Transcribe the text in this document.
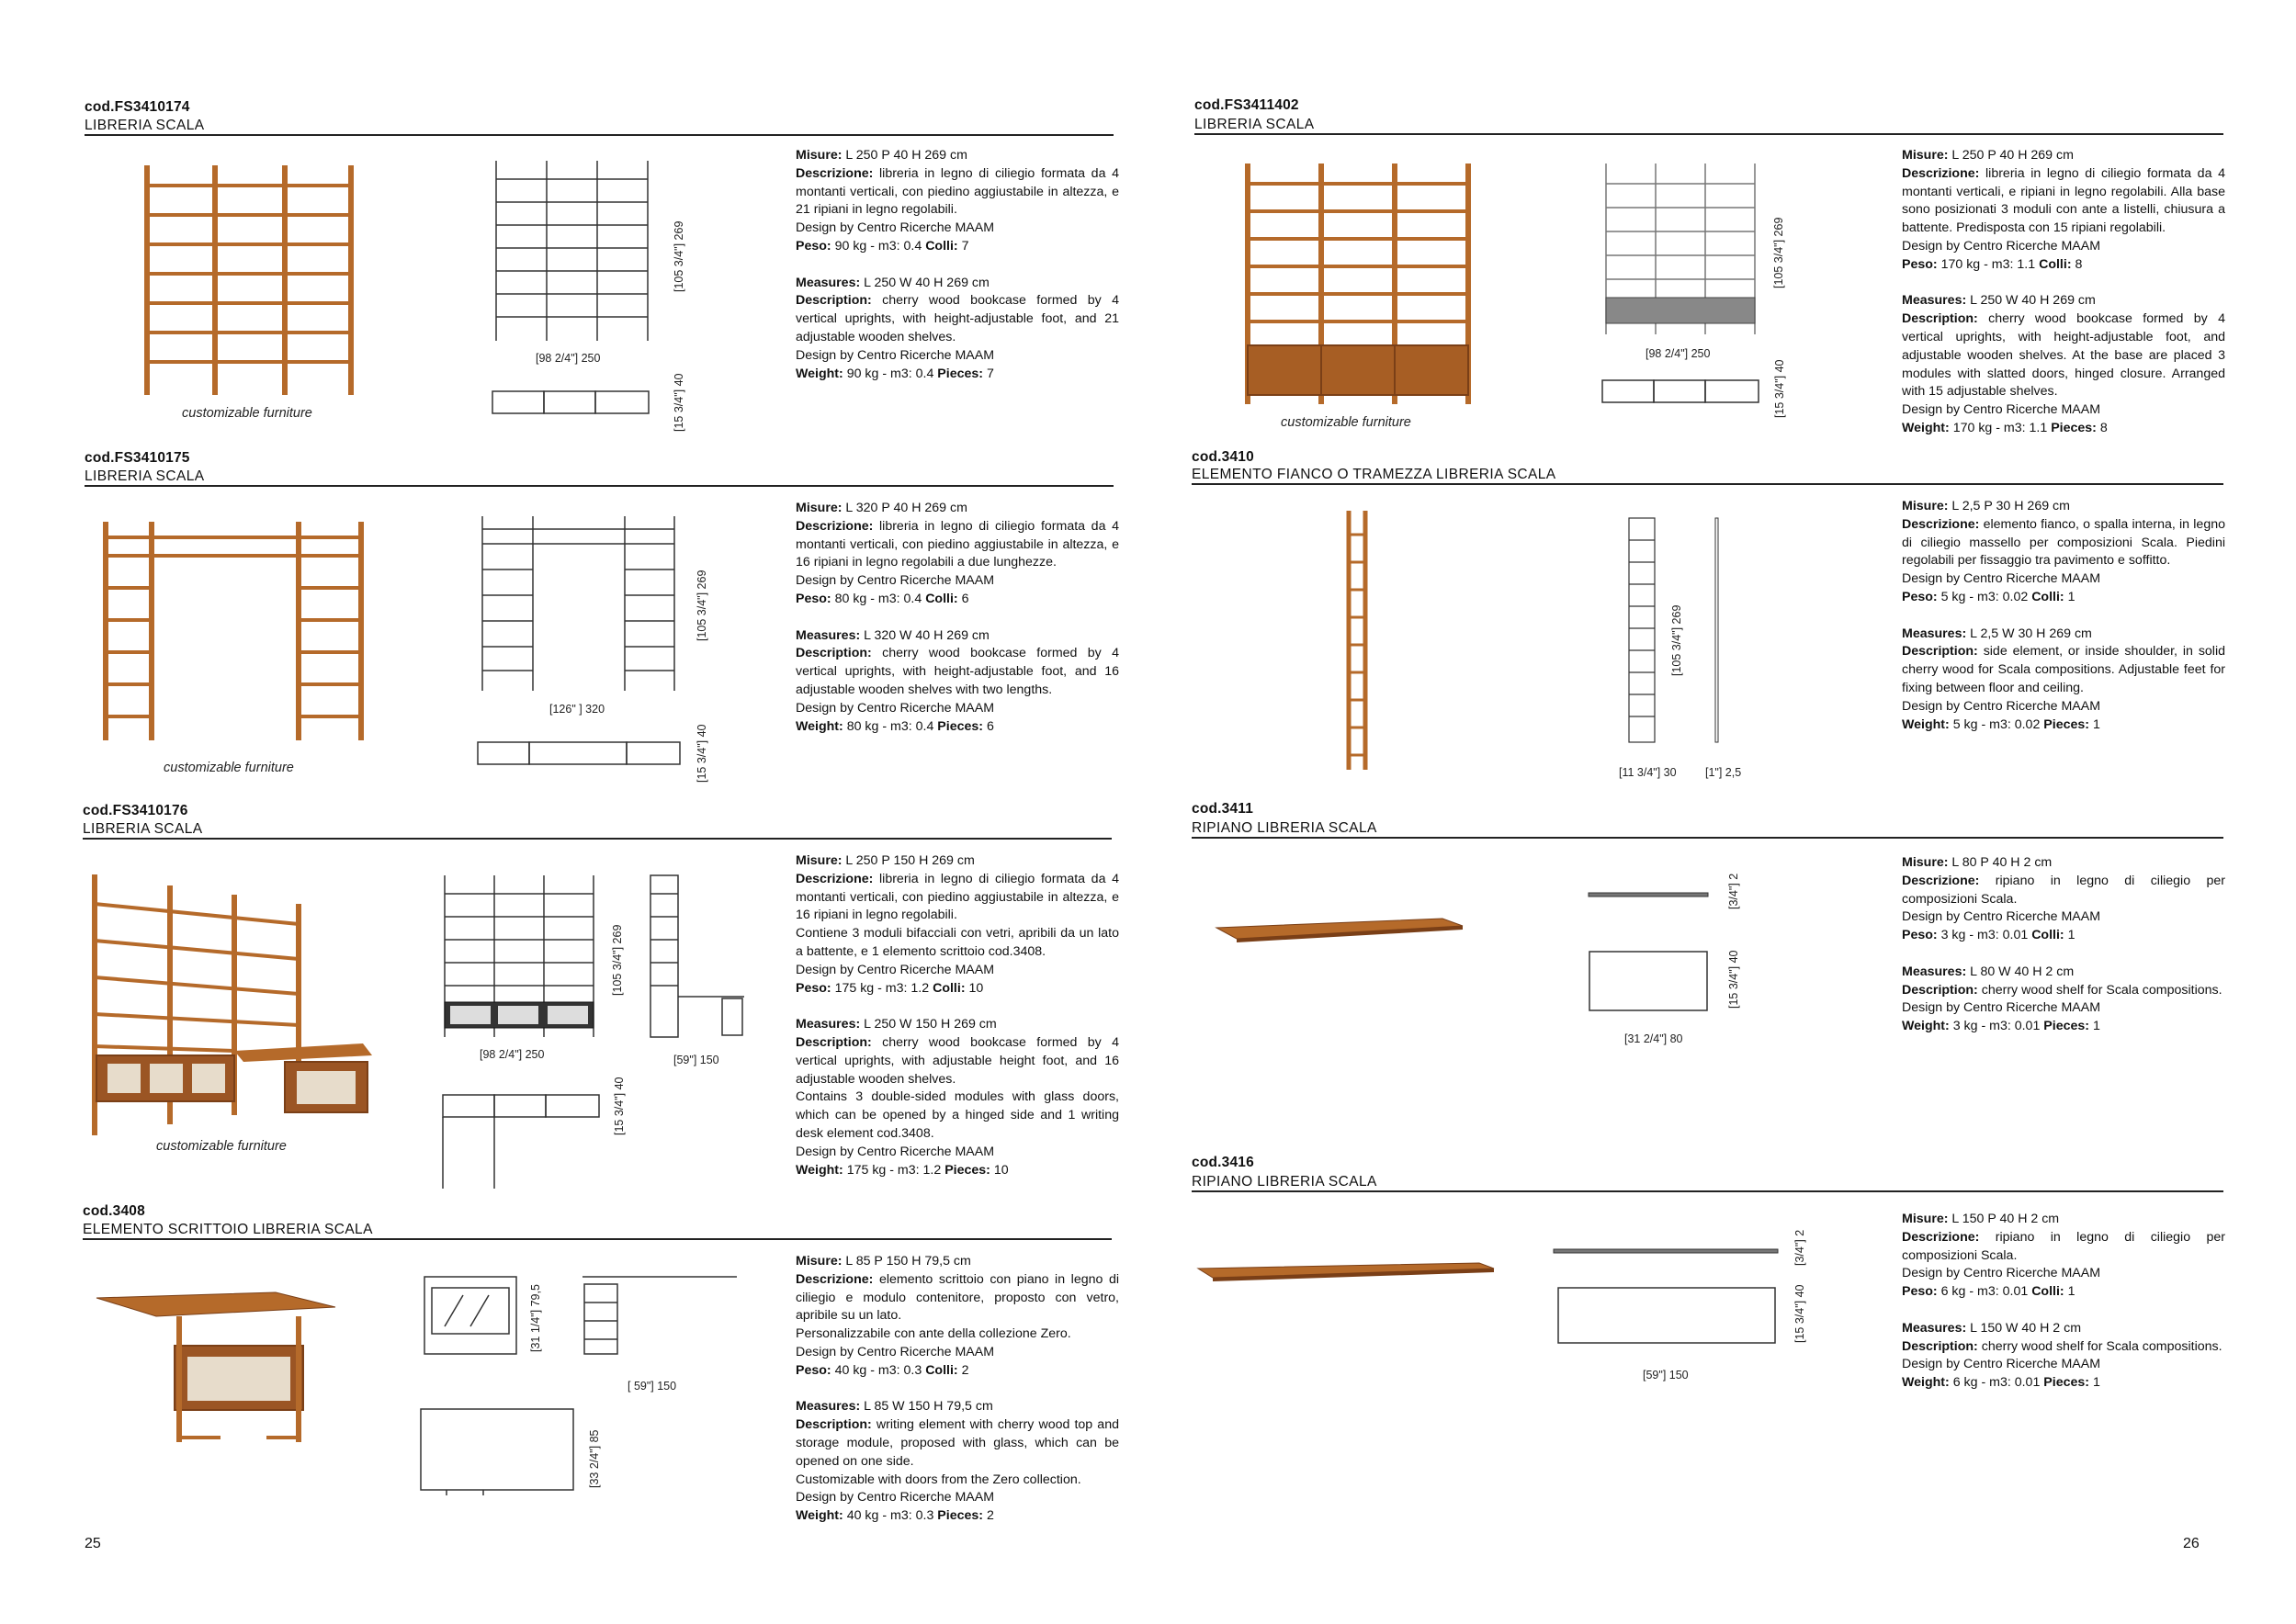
cod.FS3410174
LIBRERIA SCALA
customizable furniture
[98 2/4"] 250
[105 3/4"] 269
[15 3/4"] 40

Misure: L 250 P 40 H 269 cm

Descrizione: libreria in legno di ciliegio formata da 4 montanti verticali, con piedino aggiustabile in altezza, e 21 ripiani in legno regolabili.

Design by Centro Ricerche MAAM

Peso: 90 kg - m3: 0.4 Colli: 7

Measures: L 250 W 40 H 269 cm

Description: cherry wood bookcase formed by 4 vertical uprights, with height-adjustable foot, and 21 adjustable wooden shelves.

Design by Centro Ricerche MAAM

Weight: 90 kg - m3: 0.4 Pieces: 7

cod.FS3410175
LIBRERIA SCALA
customizable furniture
[126" ] 320
[105 3/4"] 269
[15 3/4"] 40

Misure: L 320 P 40 H 269 cm

Descrizione: libreria in legno di ciliegio formata da 4 montanti verticali, con piedino aggiustabile in altezza, e 16 ripiani in legno regolabili a due lunghezze.

Design by Centro Ricerche MAAM

Peso: 80 kg - m3: 0.4 Colli: 6

Measures: L 320 W 40 H 269 cm

Description: cherry wood bookcase formed by 4 vertical uprights, with height-adjustable foot, and 16 adjustable wooden shelves with two lengths.

Design by Centro Ricerche MAAM

Weight: 80 kg - m3: 0.4 Pieces: 6

cod.FS3410176
LIBRERIA SCALA
customizable furniture
[98 2/4"] 250
[105 3/4"] 269
[59"] 150
[15 3/4"] 40

Misure: L 250 P 150 H 269 cm

Descrizione: libreria in legno di ciliegio formata da 4 montanti verticali, con piedino aggiustabile in altezza, e 16 ripiani in legno regolabili.

Contiene 3 moduli bifacciali con vetri, apribili da un lato a battente, e 1 elemento scrittoio cod.3408.

Design by Centro Ricerche MAAM

Peso: 175 kg - m3: 1.2 Colli: 10

Measures: L 250 W 150 H 269 cm

Description: cherry wood bookcase formed by 4 vertical uprights, with adjustable height foot, and 16 adjustable wooden shelves.

Contains 3 double-sided modules with glass doors, which can be opened by a hinged side and 1 writing desk element cod.3408.

Design by Centro Ricerche MAAM

Weight: 175 kg - m3: 1.2 Pieces: 10

cod.3408
ELEMENTO SCRITTOIO LIBRERIA SCALA
[31 1/4"] 79,5
[ 59"] 150
[33 2/4"] 85

Misure: L 85 P 150 H 79,5 cm

Descrizione: elemento scrittoio con piano in legno di ciliegio e modulo contenitore, proposto con vetro, apribile su un lato.

Personalizzabile con ante della collezione Zero.

Design by Centro Ricerche MAAM

Peso: 40 kg - m3: 0.3 Colli: 2

Measures: L 85 W 150 H 79,5 cm

Description: writing element with cherry wood top and storage module, proposed with glass, which can be opened on one side.

Customizable with doors from the Zero collection.

Design by Centro Ricerche MAAM

Weight: 40 kg - m3: 0.3 Pieces: 2

25
cod.FS3411402
LIBRERIA SCALA
customizable furniture
[98 2/4"] 250
[105 3/4"] 269
[15 3/4"] 40

Misure: L 250 P 40 H 269 cm

Descrizione: libreria in legno di ciliegio formata da 4 montanti verticali, e ripiani in legno regolabili. Alla base sono posizionati 3 moduli con ante a listelli, chiusura a battente. Predisposta con 15 ripiani regolabili.

Design by Centro Ricerche MAAM

Peso: 170 kg - m3: 1.1 Colli: 8

Measures: L 250 W 40 H 269 cm

Description: cherry wood bookcase formed by 4 vertical uprights, with height-adjustable foot, and adjustable wooden shelves. At the base are placed 3 modules with slatted doors, hinged closure. Arranged with 15 adjustable shelves.

Design by Centro Ricerche MAAM

Weight: 170 kg - m3: 1.1 Pieces: 8

cod.3410
ELEMENTO FIANCO O TRAMEZZA LIBRERIA SCALA
[105 3/4"] 269
[11 3/4"] 30	[1"] 2,5

Misure: L 2,5 P 30 H 269 cm

Descrizione: elemento fianco, o spalla interna, in legno di ciliegio massello per composizioni Scala. Piedini regolabili per fissaggio tra pavimento e soffitto.

Design by Centro Ricerche MAAM

Peso: 5 kg - m3: 0.02 Colli: 1

Measures: L 2,5 W 30 H 269 cm

Description: side element, or inside shoulder, in solid cherry wood for Scala compositions. Adjustable feet for fixing between floor and ceiling.

Design by Centro Ricerche MAAM

Weight: 5 kg - m3: 0.02 Pieces: 1

cod.3411
RIPIANO LIBRERIA SCALA
[3/4"] 2
[15 3/4"] 40
[31 2/4"] 80

Misure: L 80 P 40 H 2 cm

Descrizione: ripiano in legno di ciliegio per composizioni Scala.

Design by Centro Ricerche MAAM

Peso: 3 kg - m3: 0.01 Colli: 1

Measures: L 80 W 40 H 2 cm

Description: cherry wood shelf for Scala compositions.

Design by Centro Ricerche MAAM

Weight: 3 kg - m3: 0.01 Pieces: 1

cod.3416
RIPIANO LIBRERIA SCALA
[3/4"] 2
[15 3/4"] 40
[59"] 150

Misure: L 150 P 40 H 2 cm

Descrizione: ripiano in legno di ciliegio per composizioni Scala.

Design by Centro Ricerche MAAM

Peso: 6 kg - m3: 0.01 Colli: 1

Measures: L 150 W 40 H 2 cm

Description: cherry wood shelf for Scala compositions.

Design by Centro Ricerche MAAM

Weight: 6 kg - m3: 0.01 Pieces: 1

26
